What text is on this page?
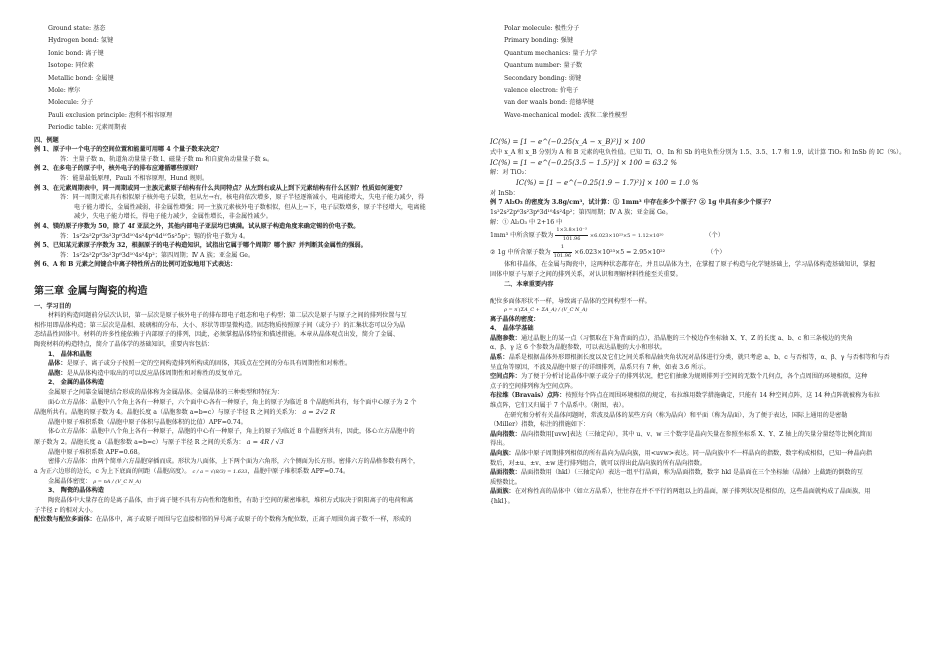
Ground state: 基态
Hydrogen bond: 氢键
Ionic bond: 离子键
Isotope: 同位素
Metallic bond: 金属键
Mole: 摩尔
Molecule: 分子
Pauli exclusion principle: 泡利不相容原理
Periodic table: 元素周期表

四、例题

例 1、原子中一个电子的空间位置和能量可用哪 4 个量子数来决定？

答：主量子数 n、轨道角动量量子数 l、磁量子数 mₗ 和自旋角动量量子数 sᵢ。

例 2、在多电子的原子中，核外电子的排布应遵循哪些原则？

答：能量最低原理，Pauli 不相容原理，Hund 规则。

例 3、在元素周期表中，同一周期或同一主族元素原子结构有什么共同特点？从左到右或从上到下元素结构有什么区别？性质如何递变？

答：同一周期元素具有相似原子核外电子层数，但从左→右，核电荷依次增多，原子半径逐渐减小，电离能增大，失电子能力减少，得

电子能力增长，金属性减弱，非金属性增强；同一主族元素核外电子数相似，但从上→下，电子层数增多，原子半径增大，电离能

减少，失电子能力增长，得电子能力减少，金属性增长，非金属性减少。

例 4、镁的原子序数为 50，除了 4f 亚层之外，其他内部电子亚层均已填满。试从原子构造角度来确定锡的价电子数。

答：1s²2s²2p⁶3s²3p⁶3d¹⁰4s²4p⁶4d¹⁰5s²5p²；锡的价电子数为 4。

例 5、已知某元素原子序数为 32，根据原子的电子构造知识，试指出它属于哪个周期？哪个族？并判断其金属性的强弱。

答：1s²2s²2p⁶3s²3p⁶3d¹⁰4s²4p²；第四周期；Ⅳ A 族；亚金属 Ge。

例 6、A 和 B 元素之间键合中离子特性所占的比例可近似地用下式表达：

第三章 金属与陶瓷的构造

一、学习目的

材料的构造问题前分层次认识，第一层次是原子核外电子的排布即电子组态和电子构型；第二层次是原子与原子之间的排列位置与互

相作用即晶体构造；第三层次是晶相、玻璃相的分布、大小、形状等即显微构造。固态物质按照原子间（或分子）的汇集状态可以分为晶

态结晶性固体中。材料的许多性能依赖于内部原子的排列，因此，必须掌握晶体特征和描述措施。本章从晶体观点出发，简介了金属、

陶瓷材料的构造特点，简介了晶体学的基础知识，重要内容包括：

1、 晶体和晶胞

晶体：是原子、离子或分子按照一定的空间构造排列所构成的固体，其质点在空间的分布具有周期性和对称性。

晶胞：是从晶体构造中取出的可以反应晶体周期性和对称性的反复单元。

2、 金属的晶体构造

金属原子之间靠金属键结合形成的晶体称为金属晶体。金属晶体的三种类型和特征为：

面心立方晶体：晶胞中八个角上各有一种原子，六个面中心各有一种原子，角上的原子为临近 8 个晶胞所共有，每个面中心原子为 2 个

晶胞所共有。晶胞的原子数为 4。晶胞长度 a（晶胞参数 a=b=c）与原子半径 R 之间的关系为： a = 2√2 R

晶胞中原子堆积系数（晶胞中原子体积与晶胞体积的比值）APF=0.74。

体心立方晶体：晶胞中八个角上各有一种原子，晶胞的中心有一种原子，角上的原子为临近 8 个晶胞所共有，因此，体心立方晶胞中的

原子数为 2。晶胞长度 a（晶胞参数 a=b=c）与原子半径 R 之间的关系为： a = 4R / √3

晶胞中原子堆积系数 APF=0.68。

密排六方晶体：由两个简单六方晶胞穿插而成。形状为八面体，上下两个面为六角形，六个侧面为长方形。密排六方的晶格参数有两个，

a 为正六边形的边长，c 为上下底面的间距（晶胞高度）。 c / a = √(8/3) = 1.633，晶胞中原子堆积系数 APF=0.74。

金属晶体密度： ρ = nA / (V_C N_A)

3、 陶瓷的晶体构造

陶瓷晶体中大量存在的是离子晶体，由于离子键不具有方向性和饱和性，有助于空间的紧密堆积，堆积方式取决于阴阳离子的电荷和离

子半径 r 的相对大小。

配位数与配位多面体：在晶体中，离子或原子周围与它直接相邻的异号离子或原子的个数称为配位数，正离子周围负离子数不一样，形成的

Polar molecule: 极性分子
Primary bonding: 强键
Quantum mechanics: 量子力学
Quantum number: 量子数
Secondary bonding: 弱键
valence electron: 价电子
van der waals bond: 范德华键
Wave-mechanical model: 波粒二象性模型

IC(%) = [1 − e^(−0.25(x_A − x_B)²)] × 100

式中 x_A 和 x_B 分别为 A 和 B 元素的电负性值。已知 Ti、O、In 和 Sb 的电负性分别为 1.5、3.5、1.7 和 1.9，试计算 TiO₂ 和 InSb 的 IC（%）。

IC(%) = [1 − e^(−0.25(3.5 − 1.5)²)] × 100 = 63.2 %

解：对 TiO₂：

IC(%) = [1 − e^(−0.25(1.9 − 1.7)²)] × 100 = 1.0 %

对 InSb：

例 7 Al₂O₃ 的密度为 3.8g/cm³，试计算：① 1mm³ 中存在多少个原子？② 1g 中具有多少个原子？

1s²2s²2p⁶3s²3p⁶3d¹⁰4s²4p²；第四周期；Ⅳ A 族；亚金属 Ge。

解：① Al₂O₃ 中 2+16 中

1mm³ 中所含原子数为 $\frac{\text{1×3.8×10⁻³}}{101.96} \times 6.023\times 10^{23}\times 5 = 1.12\times 10^{20}$	（个）

② 1g 中所含原子数为 $\frac{1}{101.96} \times 6.023\times 10^{23}\times 5 = 2.95\times 10^{22}$	（个）

体和非晶体，在金属与陶瓷中，这两种状态都存在，并且以晶体为主，在掌握了原子构造与化学键基础上，学习晶体构造基础知识，掌握

固体中原子与原子之间的排列关系，对认识和理解材料性能至关重要。

二、本章重要内容

配位多面体形状不一样，导致离子晶体的空间构型不一样。

ρ = n′(ΣA_C + ΣA_A) / (V_C N_A)

离子晶体的密度：

4、 晶体学基础

晶胞参数：通过晶胞上的某一点（习惯取在下角背面的点），沿晶胞的三个棱边作坐标轴 X、Y、Z 的长度 a、b、c 和三条棱边的夹角

α、β、γ 这 6 个参数为晶胞参数，可以表达晶胞的大小和形状。

晶系：晶系是根据晶体外形即根据长度以及它们之间关系和晶轴夹角状况对晶体进行分类，就只考虑 a、b、c 与否相等，α、β、γ 与否相等和与否

呈直角等原因，不波及晶胞中原子的详细排列，晶系只有 7 种，如表 3.6 所示。

空间点阵：为了便于分析讨论晶体中原子或分子的排列状况，把它们抽象为规则排列于空间的无数个几何点，各个点周围的环境相似，这种

点子的空间排列称为空间点阵。

布拉维（Bravais）点阵：按照每个阵点在周围环境相似的规定，布拉维用数学措施确定，只能有 14 种空间点阵，这 14 种点阵就被称为布拉

维点阵，它们又归属于 7 个晶系中。（附图，表）。

在研究和分析有关晶体问题时，常波及晶体的某些方向（称为晶向）和平面（称为晶面），为了便于表达，国际上通用的是密勒

（Miller）指数，标注的措施如下：

晶向指数：晶向指数用[uvw]表达（三轴定向），其中 u、v、w 三个数字是晶向矢量在参照坐标系 X、Y、Z 轴上的矢量分量经等比例化简而

得出。

晶向族：晶体中原子周期排列相似的所有晶向为晶向族，用<uvw>表达。同一晶向族中不一样晶向的指数，数字构成相似，已知一种晶向指

数后，对±u、±v、±w 进行排列组合，就可以得出此晶向族的所有晶向指数。

晶面指数：晶面指数用（hkl）（三轴定向）表达一组平行晶面，称为晶面指数，数字 hkl 是晶面在三个坐标轴（晶轴）上截距的倒数的互

质整数比。

晶面族：在对称性高的晶体中（如立方晶系），往往存在并不平行的两组以上的晶面，原子排列状况是相似的，这些晶面就构成了晶面族，用

{hkl}。
